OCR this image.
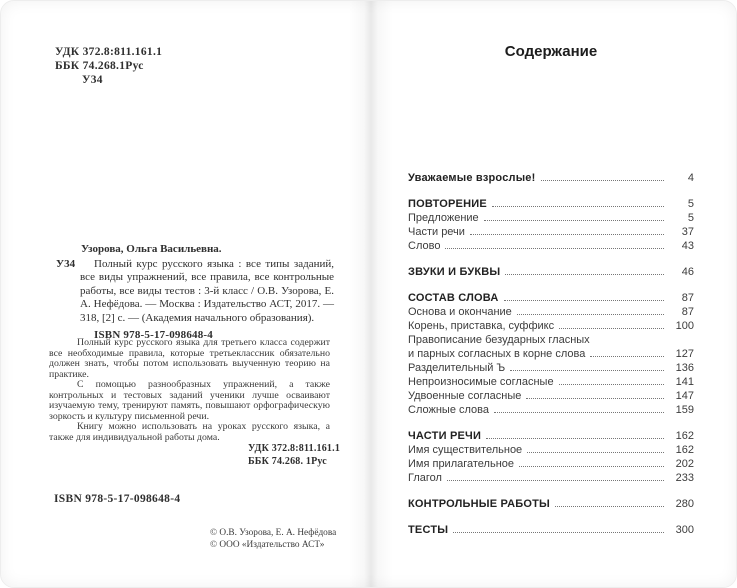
УДК 372.8:811.161.1
ББК 74.268.1Рус
У34
Узорова, Ольга Васильевна.
У34	Полный курс русского языка : все типы заданий, все виды упражнений, все правила, все контрольные работы, все виды тестов : 3-й класс / О.В. Узорова, Е. А. Нефёдова. — Москва : Издательство АСТ, 2017. — 318, [2] с. — (Академия начального образования).

ISBN 978-5-17-098648-4

Полный курс русского языка для третьего класса содержит все необходимые правила, которые третьеклассник обязательно должен знать, чтобы потом использовать выученную теорию на практике.

С помощью разнообразных упражнений, а также контрольных и тестовых заданий ученики лучше осваивают изучаемую тему, тренируют память, повышают орфографическую зоркость и культуру письменной речи.

Книгу можно использовать на уроках русского языка, а также для индивидуальной работы дома.

УДК 372.8:811.161.1
ББК 74.268. 1Рус
ISBN 978-5-17-098648-4
© О.В. Узорова, Е. А. Нефёдова
© ООО «Издательство АСТ»
Содержание
Уважаемые взрослые!	4
ПОВТОРЕНИЕ	5
Предложение	5
Части речи	37
Слово	43
ЗВУКИ И БУКВЫ	46
СОСТАВ СЛОВА	87
Основа и окончание	87
Корень, приставка, суффикс	100
Правописание безударных гласных
и парных согласных в корне слова	127
Разделительный Ъ	136
Непроизносимые согласные	141
Удвоенные согласные	147
Сложные слова	159
ЧАСТИ РЕЧИ	162
Имя существительное	162
Имя прилагательное	202
Глагол	233
КОНТРОЛЬНЫЕ РАБОТЫ	280
ТЕСТЫ	300
